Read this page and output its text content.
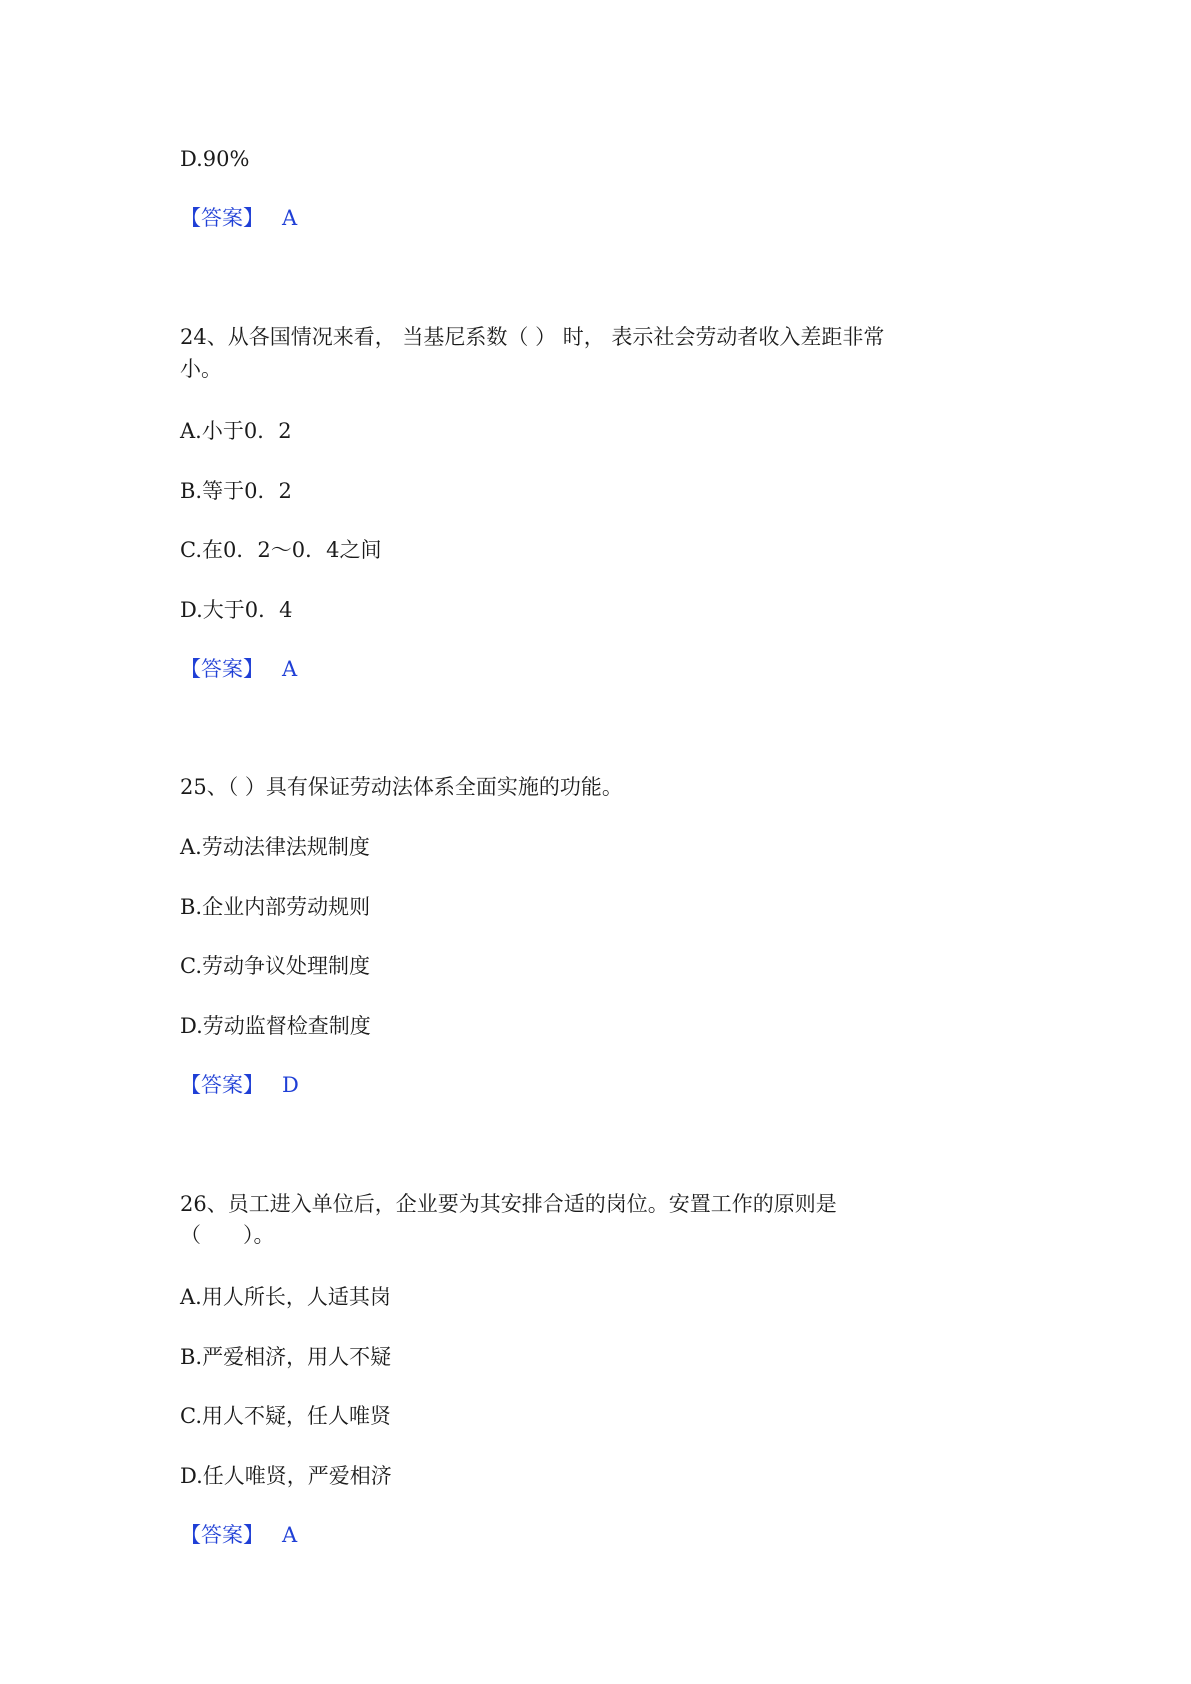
D.90%
【答案】 A
24、从各国情况来看， 当基尼系数（ ） 时， 表示社会劳动者收入差距非常
小。
A.小于0．2
B.等于0．2
C.在0．2～0．4之间
D.大于0．4
【答案】 A
25、（ ）具有保证劳动法体系全面实施的功能。
A.劳动法律法规制度
B.企业内部劳动规则
C.劳动争议处理制度
D.劳动监督检查制度
【答案】 D
26、员工进入单位后，企业要为其安排合适的岗位。安置工作的原则是
（　　）。
A.用人所长，人适其岗
B.严爱相济，用人不疑
C.用人不疑，任人唯贤
D.任人唯贤，严爱相济
【答案】 A
